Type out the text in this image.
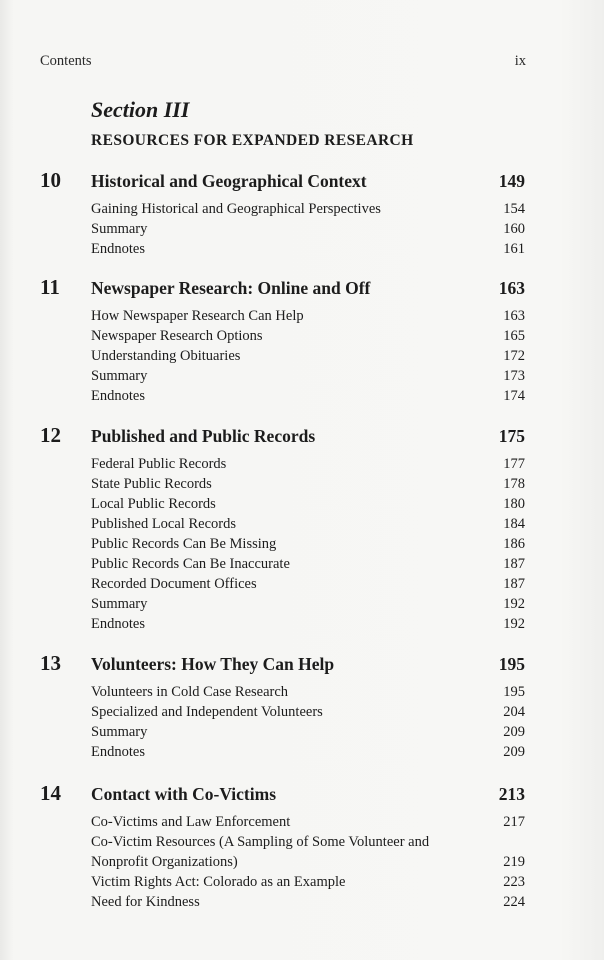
Contents	ix
Section III
RESOURCES FOR EXPANDED RESEARCH
10 Historical and Geographical Context	149
Gaining Historical and Geographical Perspectives	154
Summary	160
Endnotes	161
11 Newspaper Research: Online and Off	163
How Newspaper Research Can Help	163
Newspaper Research Options	165
Understanding Obituaries	172
Summary	173
Endnotes	174
12 Published and Public Records	175
Federal Public Records	177
State Public Records	178
Local Public Records	180
Published Local Records	184
Public Records Can Be Missing	186
Public Records Can Be Inaccurate	187
Recorded Document Offices	187
Summary	192
Endnotes	192
13 Volunteers: How They Can Help	195
Volunteers in Cold Case Research	195
Specialized and Independent Volunteers	204
Summary	209
Endnotes	209
14 Contact with Co-Victims	213
Co-Victims and Law Enforcement	217
Co-Victim Resources (A Sampling of Some Volunteer and Nonprofit Organizations)	219
Victim Rights Act: Colorado as an Example	223
Need for Kindness	224
